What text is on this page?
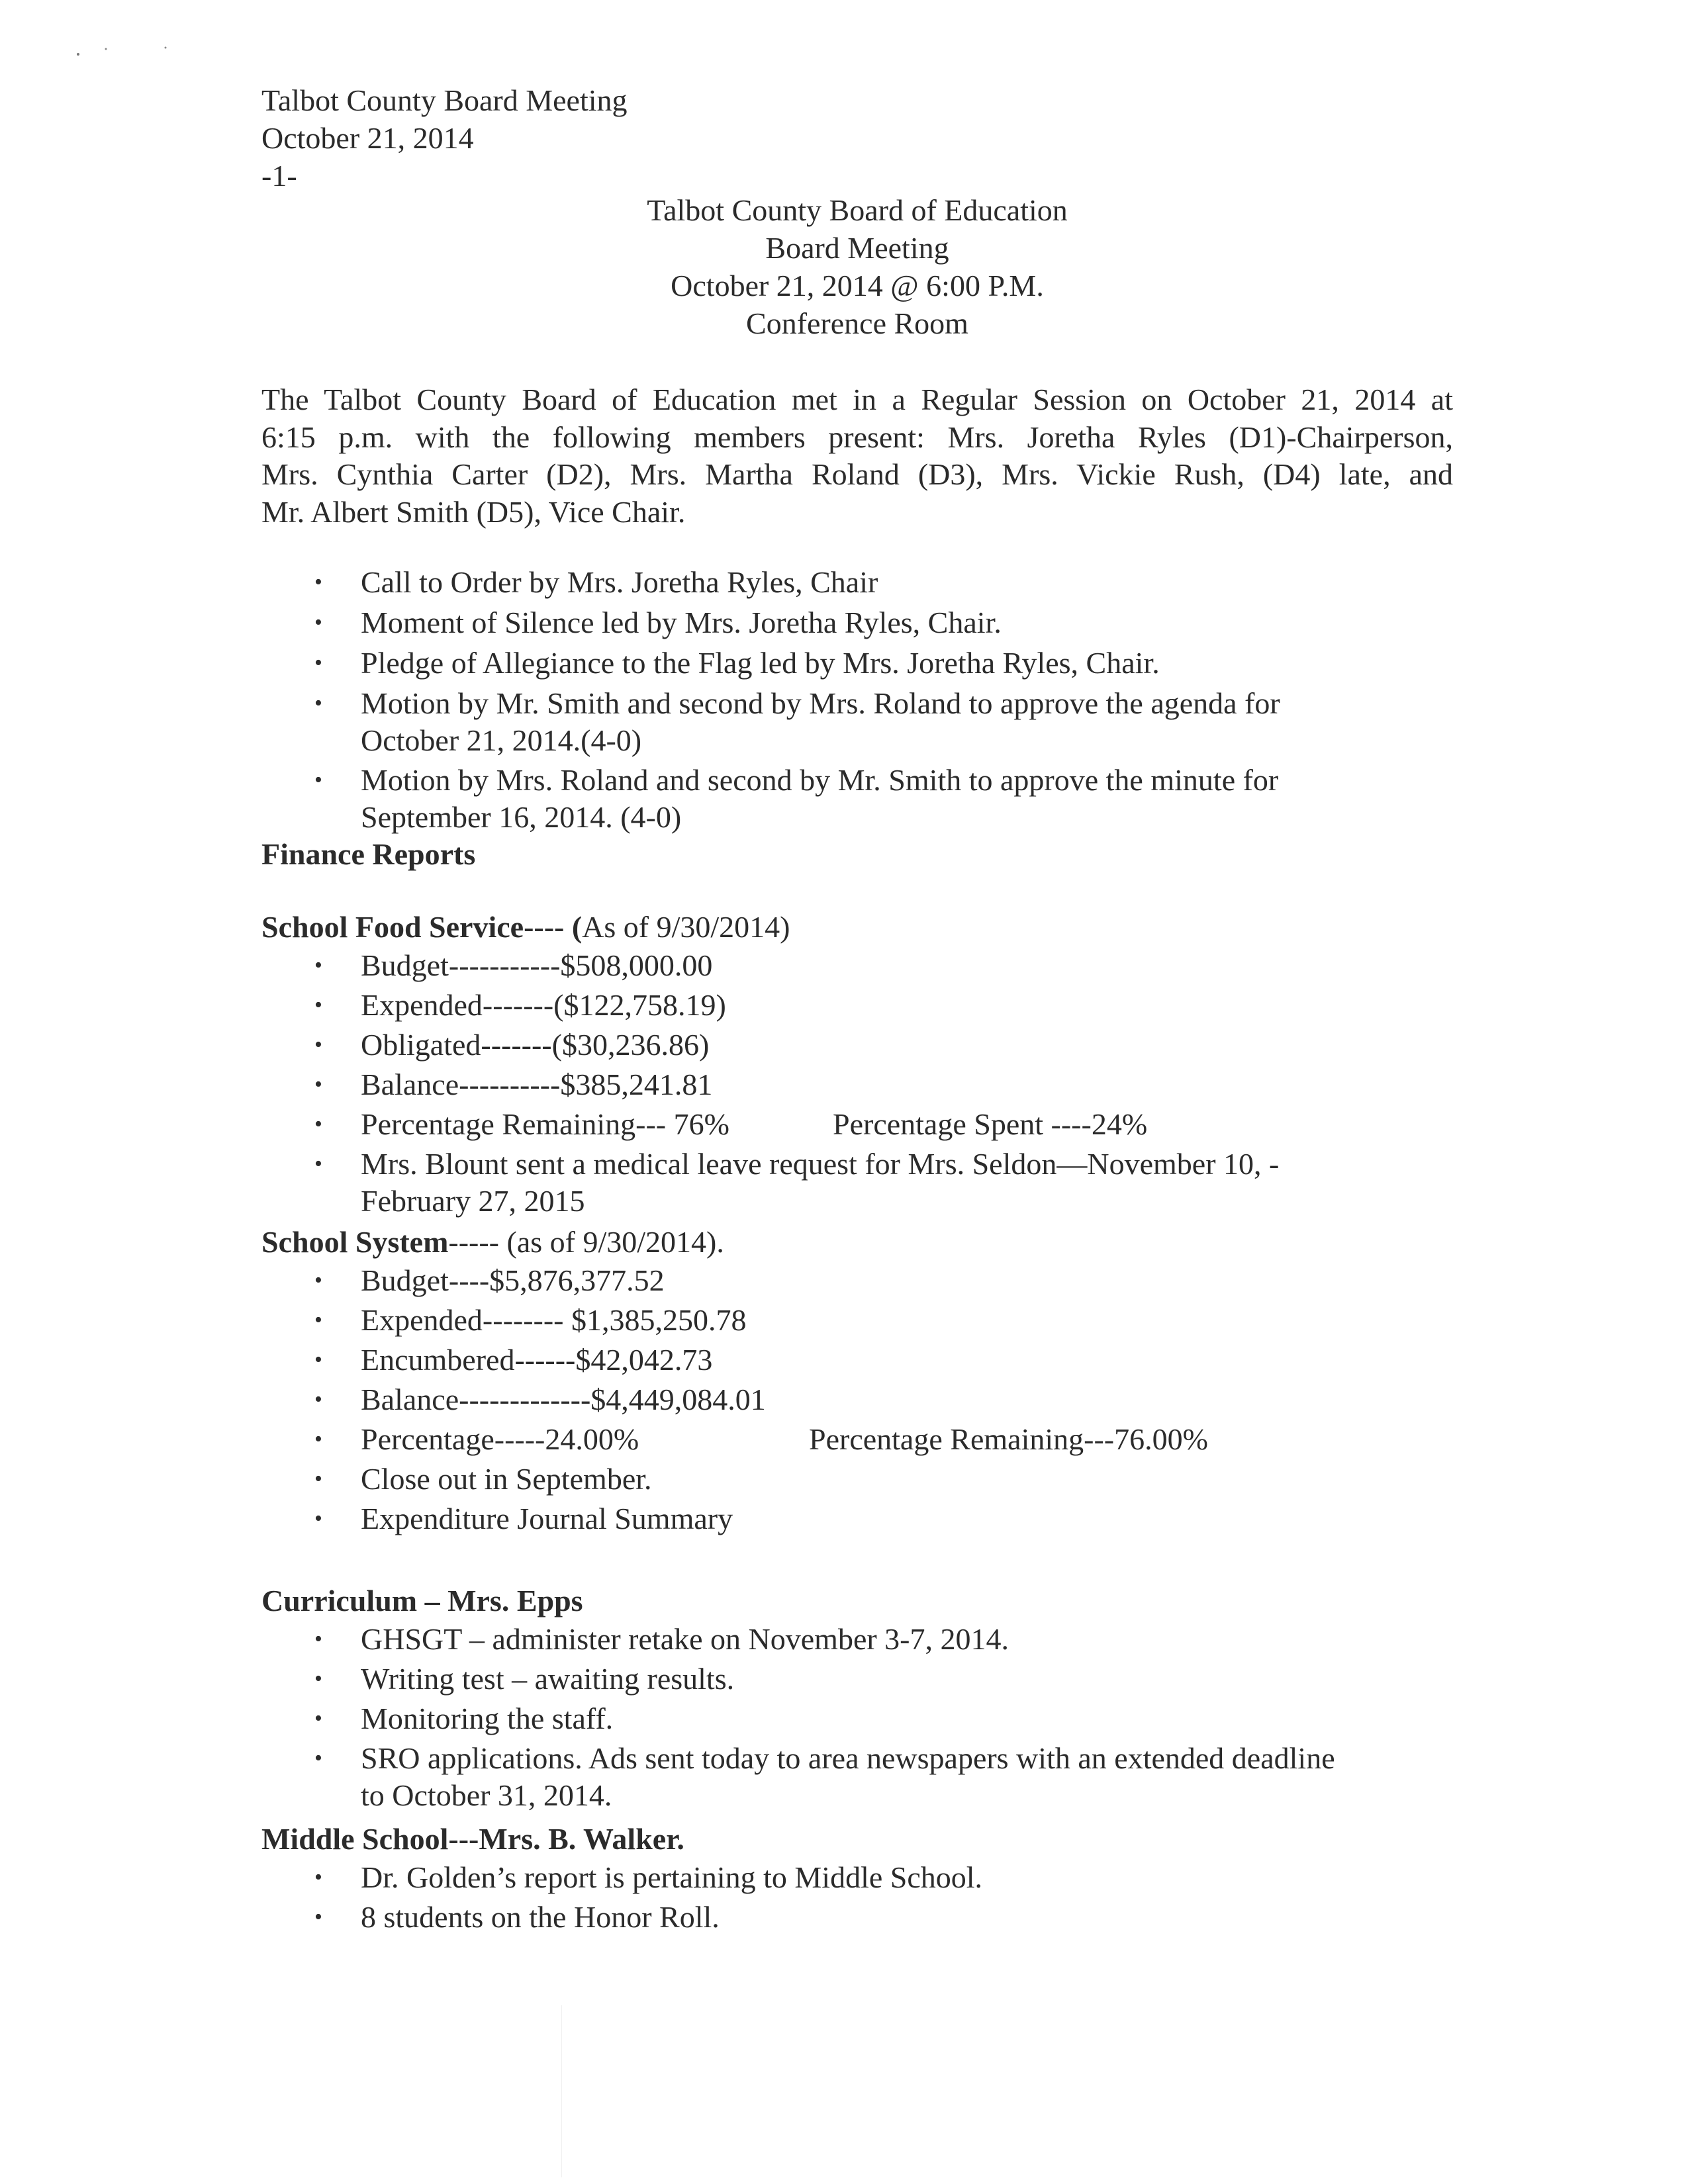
Talbot County Board Meeting
October 21, 2014
-1-
Talbot County Board of Education
Board Meeting
October 21, 2014 @ 6:00 P.M.
Conference Room
The Talbot County Board of Education met in a Regular Session on October 21, 2014 at
6:15 p.m. with the following members present: Mrs. Joretha Ryles (D1)-Chairperson,
Mrs. Cynthia Carter (D2), Mrs. Martha Roland (D3), Mrs. Vickie Rush, (D4) late, and
Mr. Albert Smith (D5), Vice Chair.
• Call to Order by Mrs. Joretha Ryles, Chair
• Moment of Silence led by Mrs. Joretha Ryles, Chair.
• Pledge of Allegiance to the Flag led by Mrs. Joretha Ryles, Chair.
• Motion by Mr. Smith and second by Mrs. Roland to approve the agenda for
October 21, 2014.(4-0)
• Motion by Mrs. Roland and second by Mr. Smith to approve the minute for
September 16, 2014. (4-0)
Finance Reports
School Food Service---- (As of 9/30/2014)
• Budget-----------$508,000.00
• Expended-------($122,758.19)
• Obligated-------($30,236.86)
• Balance----------$385,241.81
• Percentage Remaining--- 76%	Percentage Spent ----24%
• Mrs. Blount sent a medical leave request for Mrs. Seldon—November 10, -
February 27, 2015
School System----- (as of 9/30/2014).
• Budget----$5,876,377.52
• Expended-------- $1,385,250.78
• Encumbered------$42,042.73
• Balance-------------$4,449,084.01
• Percentage-----24.00%	Percentage Remaining---76.00%
• Close out in September.
• Expenditure Journal Summary
Curriculum – Mrs. Epps
• GHSGT – administer retake on November 3-7, 2014.
• Writing test – awaiting results.
• Monitoring the staff.
• SRO applications. Ads sent today to area newspapers with an extended deadline
to October 31, 2014.
Middle School---Mrs. B. Walker.
• Dr. Golden’s report is pertaining to Middle School.
• 8 students on the Honor Roll.
